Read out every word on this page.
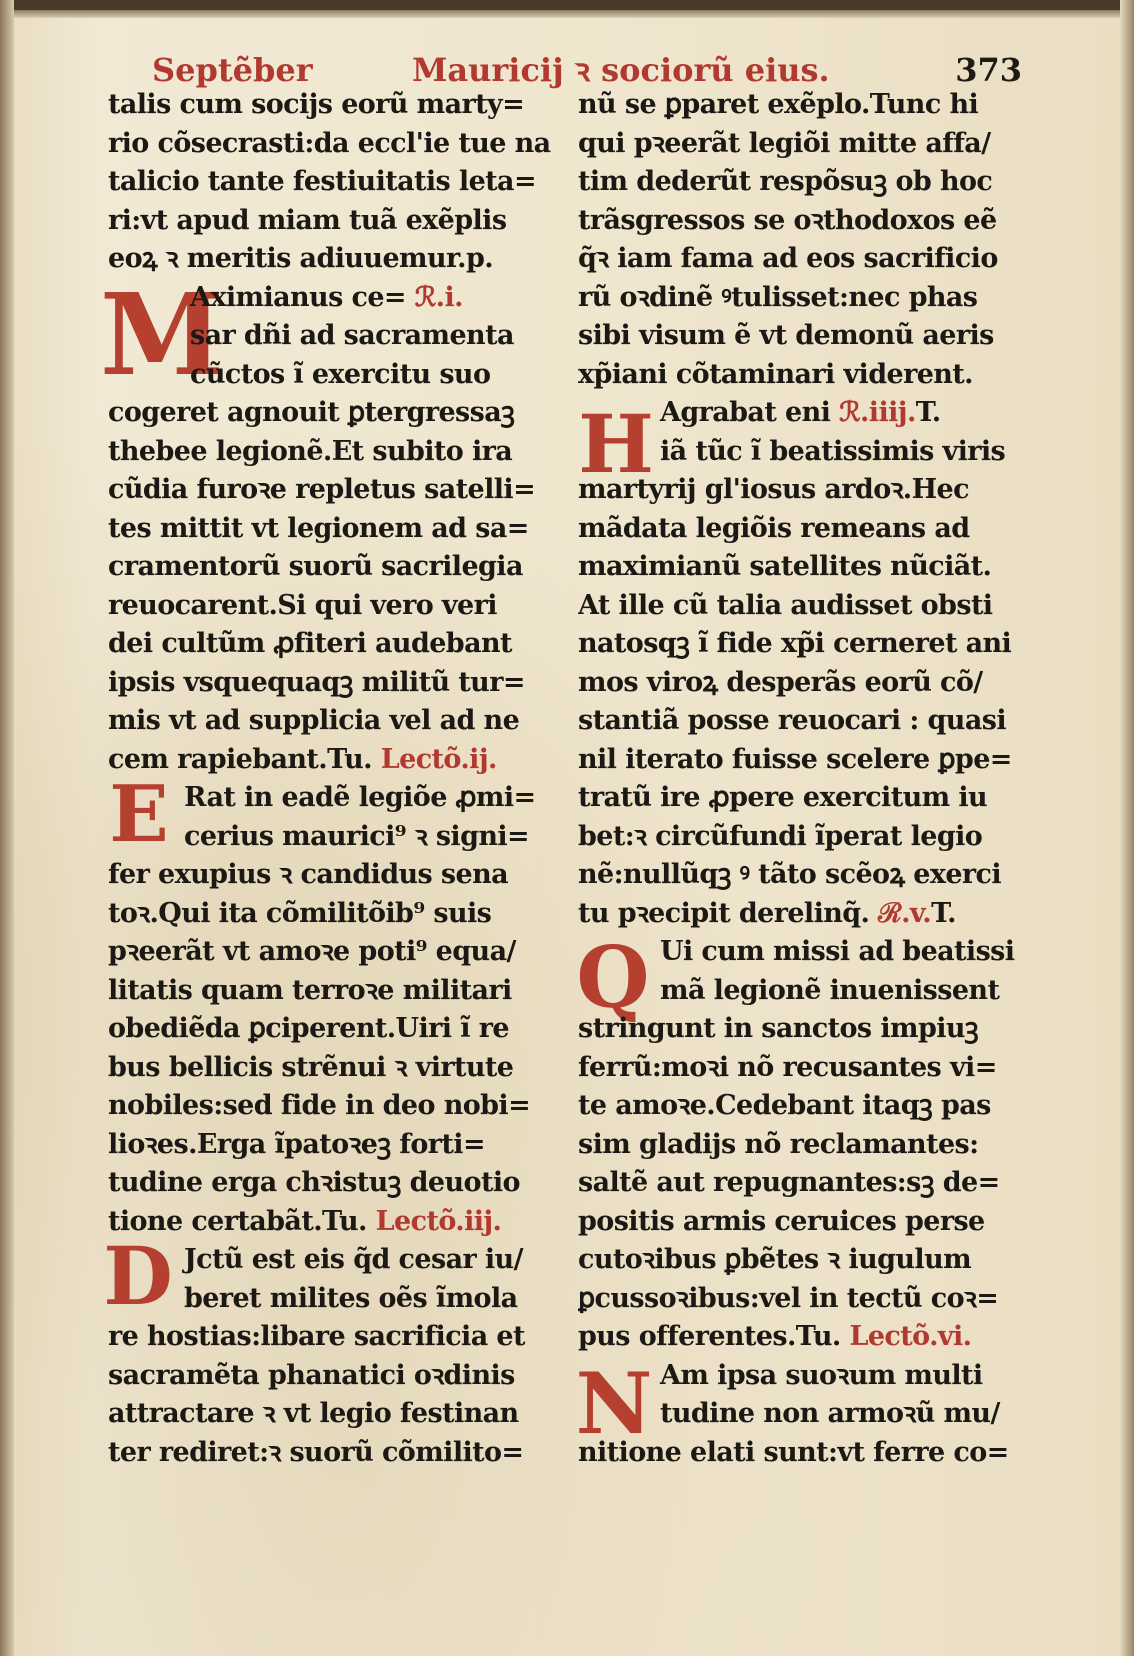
Septẽber	Mauricij ꝛ sociorũ eius.	373
M
E
D
H
Q
N
talis cum socijs eorũ marty=
rio cõsecrasti:da eccl'ie tue na
talicio tante festiuitatis leta=
ri:vt apud miam tuã exẽplis
eoꝝ ꝛ meritis adiuuemur.p.
Aximianus ce= ℛ.i.
sar dñi ad sacramenta
cũctos ĩ exercitu suo
cogeret agnouit ꝑtergressaꝫ
thebee legionẽ.Et subito ira
cũdia furoꝛe repletus satelli=
tes mittit vt legionem ad sa=
cramentorũ suorũ sacrilegia
reuocarent.Si qui vero veri
dei cultũm ꝓfiteri audebant
ipsis vsquequaqꝫ militũ tur=
mis vt ad supplicia vel ad ne
cem rapiebant.Tu. Lectõ.ij.
Rat in eadẽ legiõe ꝓmi=
cerius maurici⁹ ꝛ signi=
fer exupius ꝛ candidus sena
toꝛ.Qui ita cõmilitõib⁹ suis
pꝛeerãt vt amoꝛe poti⁹ equa/
litatis quam terroꝛe militari
obediẽda ꝑciperent.Uiri ĩ re
bus bellicis strẽnui ꝛ virtute
nobiles:sed fide in deo nobi=
lioꝛes.Erga ĩpatoꝛeꝫ forti=
tudine erga chꝛistuꝫ deuotio
tione certabãt.Tu. Lectõ.iij.
Jctũ est eis q̃d cesar iu/
beret milites oẽs ĩmola
re hostias:libare sacrificia et
sacramẽta phanatici oꝛdinis
attractare ꝛ vt legio festinan
ter rediret:ꝛ suorũ cõmilito=
nũ se ꝑparet exẽplo.Tunc hi
qui pꝛeerãt legiõi mitte affa/
tim dederũt respõsuꝫ ob hoc
trãsgressos se oꝛthodoxos eẽ
q̃ꝛ iam fama ad eos sacrificio
rũ oꝛdinẽ ꝰtulisset:nec phas
sibi visum ẽ vt demonũ aeris
xp̃iani cõtaminari viderent.
Agrabat eni ℛ.iiij.T.
iã tũc ĩ beatissimis viris
martyrij gl'iosus ardoꝛ.Hec
mãdata legiõis remeans ad
maximianũ satellites nũciãt.
At ille cũ talia audisset obsti
natosqꝫ ĩ fide xp̃i cerneret ani
mos viroꝝ desperãs eorũ cõ/
stantiã posse reuocari : quasi
nil iterato fuisse scelere ꝑpe=
tratũ ire ꝓpere exercitum iu
bet:ꝛ circũfundi ĩperat legio
nẽ:nullũqꝫ ꝰ tãto scẽoꝝ exerci
tu pꝛecipit derelinq̃. ℛ.v.T.
Ui cum missi ad beatissi
mã legionẽ inuenissent
stringunt in sanctos impiuꝫ
ferrũ:moꝛi nõ recusantes vi=
te amoꝛe.Cedebant itaqꝫ pas
sim gladijs nõ reclamantes:
saltẽ aut repugnantes:sꝫ de=
positis armis ceruices perse
cutoꝛibus ꝑbẽtes ꝛ iugulum
ꝑcussoꝛibus:vel in tectũ coꝛ=
pus offerentes.Tu. Lectõ.vi.
Am ipsa suoꝛum multi
tudine non armoꝛũ mu/
nitione elati sunt:vt ferre co=
